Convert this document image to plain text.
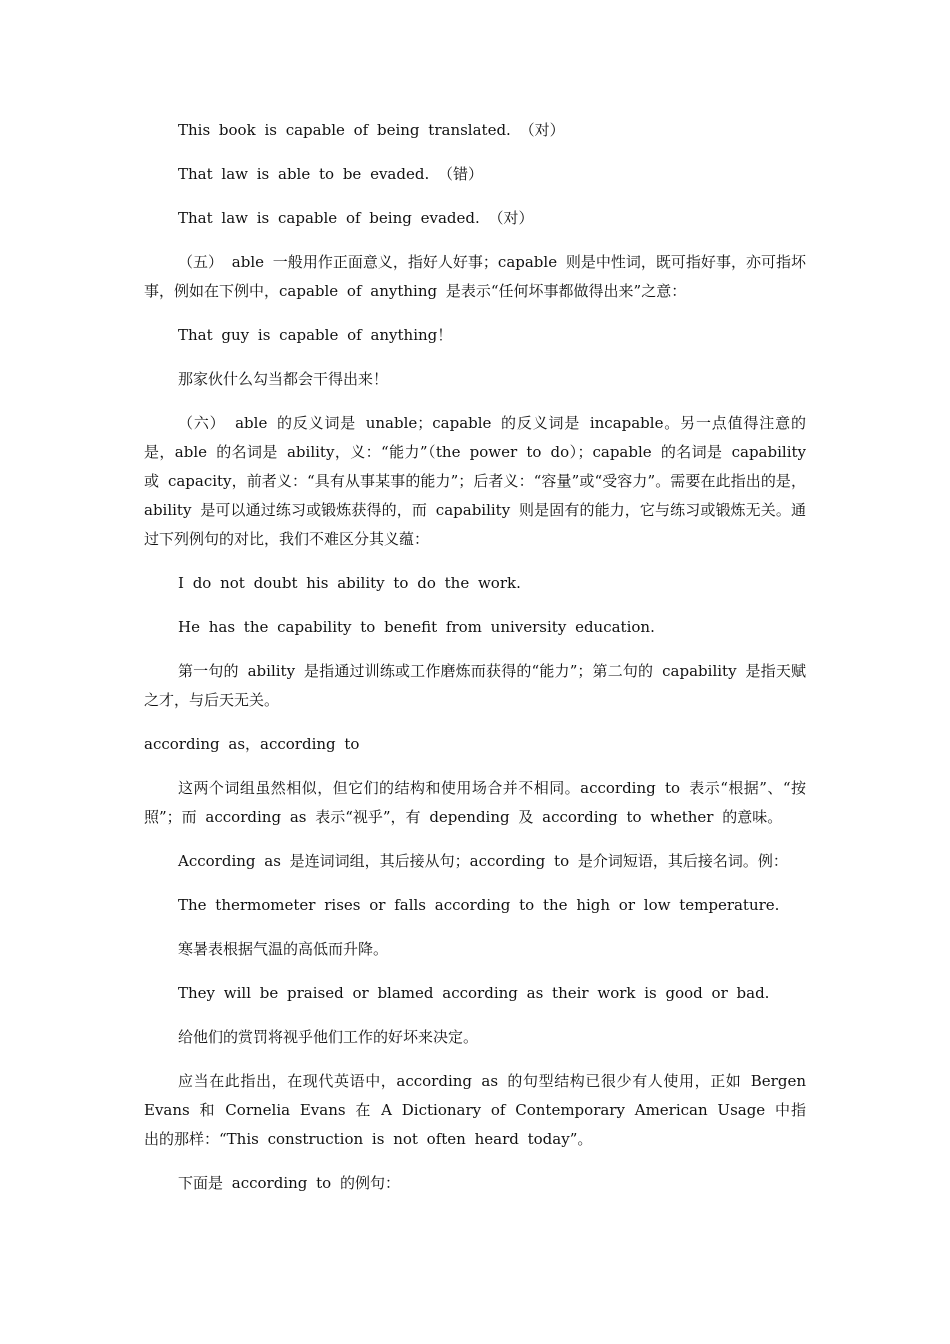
This book is capable of being translated. （对）

That law is able to be evaded. （错）

That law is capable of being evaded. （对）

（五） able 一般用作正面意义，指好人好事；capable 则是中性词，既可指好事，亦可指坏事，例如在下例中，capable of anything 是表示“任何坏事都做得出来”之意：

That guy is capable of anything！

那家伙什么勾当都会干得出来！

（六） able 的反义词是 unable；capable 的反义词是 incapable。另一点值得注意的是，able 的名词是 ability，义：“能力”（the power to do）；capable 的名词是 capability 或 capacity，前者义：“具有从事某事的能力”；后者义：“容量”或“受容力”。需要在此指出的是，ability 是可以通过练习或锻炼获得的，而 capability 则是固有的能力，它与练习或锻炼无关。通过下列例句的对比，我们不难区分其义蕴：

I do not doubt his ability to do the work.

He has the capability to benefit from university education.

第一句的 ability 是指通过训练或工作磨炼而获得的“能力”；第二句的 capability 是指天赋之才，与后天无关。

according as，according to

这两个词组虽然相似，但它们的结构和使用场合并不相同。according to 表示“根据”、“按照”；而 according as 表示“视乎”，有 depending 及 according to whether 的意味。

According as 是连词词组，其后接从句；according to 是介词短语，其后接名词。例：

The thermometer rises or falls according to the high or low temperature.

寒暑表根据气温的高低而升降。

They will be praised or blamed according as their work is good or bad.

给他们的赏罚将视乎他们工作的好坏来决定。

应当在此指出，在现代英语中，according as 的句型结构已很少有人使用，正如 Bergen Evans 和 Cornelia Evans 在 A Dictionary of Contemporary American Usage 中指出的那样：“This construction is not often heard today”。

下面是 according to 的例句：
